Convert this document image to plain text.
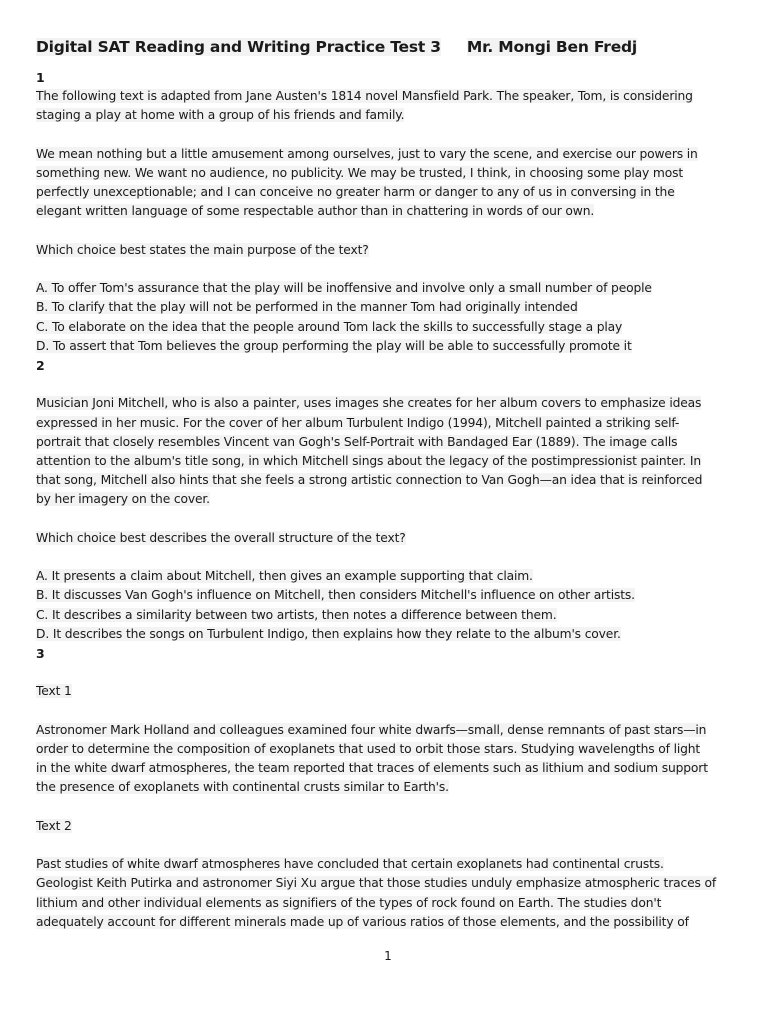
Digital SAT Reading and Writing Practice Test 3 Mr. Mongi Ben Fredj
1
The following text is adapted from Jane Austen's 1814 novel Mansfield Park. The speaker, Tom, is considering
staging a play at home with a group of his friends and family.
We mean nothing but a little amusement among ourselves, just to vary the scene, and exercise our powers in
something new. We want no audience, no publicity. We may be trusted, I think, in choosing some play most
perfectly unexceptionable; and I can conceive no greater harm or danger to any of us in conversing in the
elegant written language of some respectable author than in chattering in words of our own.
Which choice best states the main purpose of the text?
A. To offer Tom's assurance that the play will be inoffensive and involve only a small number of people
B. To clarify that the play will not be performed in the manner Tom had originally intended
C. To elaborate on the idea that the people around Tom lack the skills to successfully stage a play
D. To assert that Tom believes the group performing the play will be able to successfully promote it
2
Musician Joni Mitchell, who is also a painter, uses images she creates for her album covers to emphasize ideas
expressed in her music. For the cover of her album Turbulent Indigo (1994), Mitchell painted a striking self-
portrait that closely resembles Vincent van Gogh's Self-Portrait with Bandaged Ear (1889). The image calls
attention to the album's title song, in which Mitchell sings about the legacy of the postimpressionist painter. In
that song, Mitchell also hints that she feels a strong artistic connection to Van Gogh—an idea that is reinforced
by her imagery on the cover.
Which choice best describes the overall structure of the text?
A. It presents a claim about Mitchell, then gives an example supporting that claim.
B. It discusses Van Gogh's influence on Mitchell, then considers Mitchell's influence on other artists.
C. It describes a similarity between two artists, then notes a difference between them.
D. It describes the songs on Turbulent Indigo, then explains how they relate to the album's cover.
3
Text 1
Astronomer Mark Holland and colleagues examined four white dwarfs—small, dense remnants of past stars—in
order to determine the composition of exoplanets that used to orbit those stars. Studying wavelengths of light
in the white dwarf atmospheres, the team reported that traces of elements such as lithium and sodium support
the presence of exoplanets with continental crusts similar to Earth's.
Text 2
Past studies of white dwarf atmospheres have concluded that certain exoplanets had continental crusts.
Geologist Keith Putirka and astronomer Siyi Xu argue that those studies unduly emphasize atmospheric traces of
lithium and other individual elements as signifiers of the types of rock found on Earth. The studies don't
adequately account for different minerals made up of various ratios of those elements, and the possibility of
1
